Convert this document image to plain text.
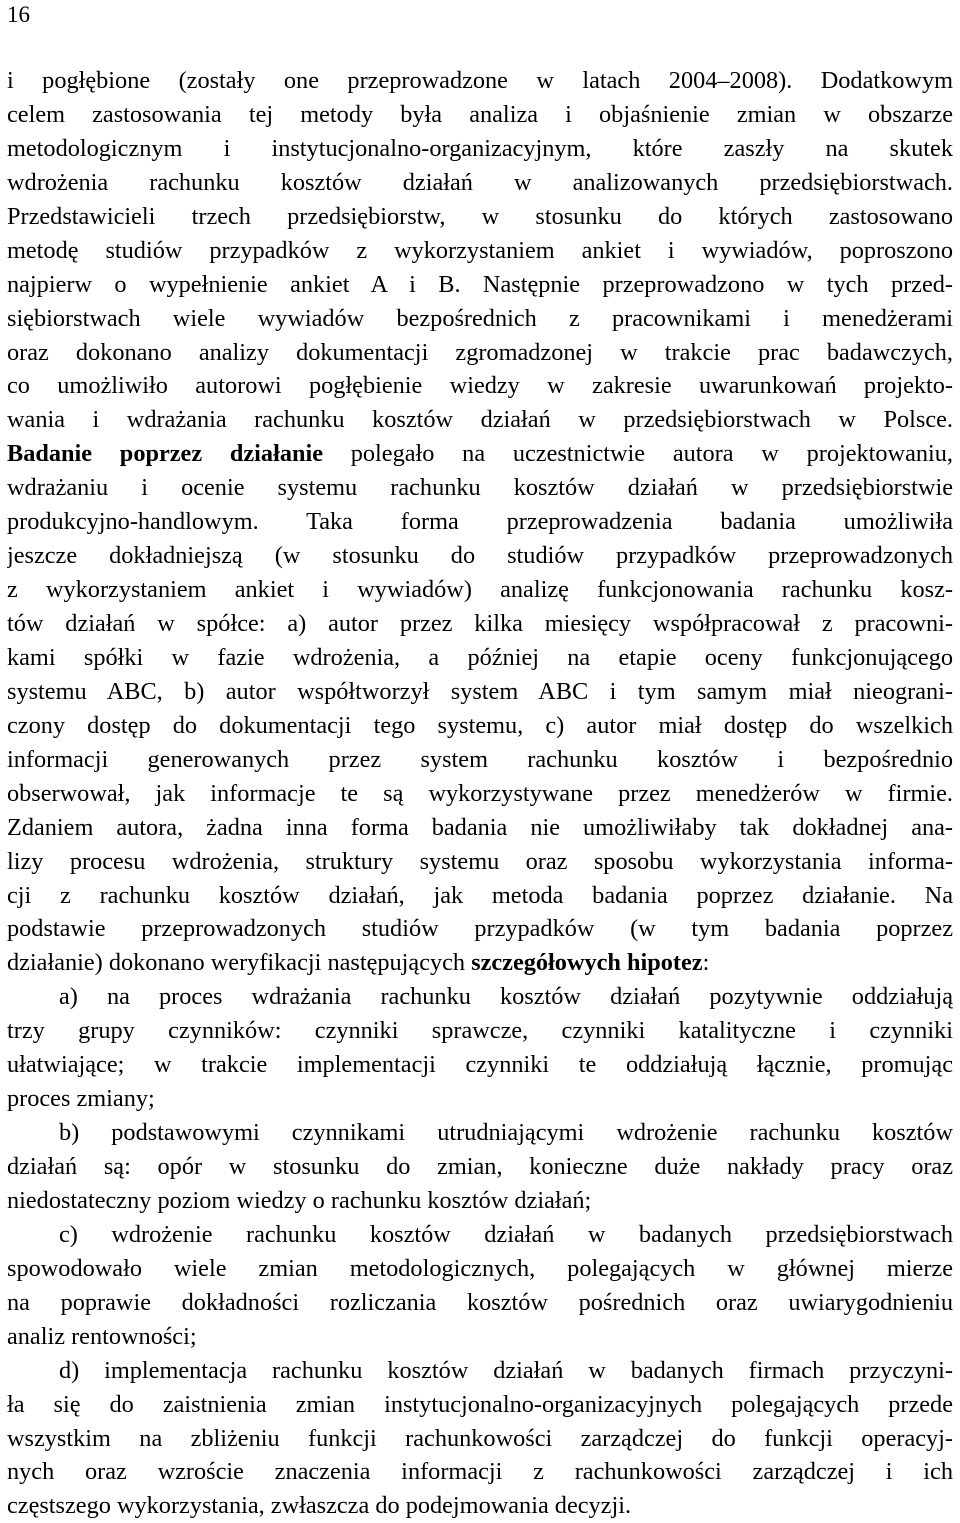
16
i pogłębione (zostały one przeprowadzone w latach 2004–2008). Dodatkowym
celem zastosowania tej metody była analiza i objaśnienie zmian w obszarze
metodologicznym i instytucjonalno-organizacyjnym, które zaszły na skutek
wdrożenia rachunku kosztów działań w analizowanych przedsiębiorstwach.
Przedstawicieli trzech przedsiębiorstw, w stosunku do których zastosowano
metodę studiów przypadków z wykorzystaniem ankiet i wywiadów, poproszono
najpierw o wypełnienie ankiet A i B. Następnie przeprowadzono w tych przed-
siębiorstwach wiele wywiadów bezpośrednich z pracownikami i menedżerami
oraz dokonano analizy dokumentacji zgromadzonej w trakcie prac badawczych,
co umożliwiło autorowi pogłębienie wiedzy w zakresie uwarunkowań projekto-
wania i wdrażania rachunku kosztów działań w przedsiębiorstwach w Polsce.
Badanie poprzez działanie polegało na uczestnictwie autora w projektowaniu,
wdrażaniu i ocenie systemu rachunku kosztów działań w przedsiębiorstwie
produkcyjno-handlowym. Taka forma przeprowadzenia badania umożliwiła
jeszcze dokładniejszą (w stosunku do studiów przypadków przeprowadzonych
z wykorzystaniem ankiet i wywiadów) analizę funkcjonowania rachunku kosz-
tów działań w spółce: a) autor przez kilka miesięcy współpracował z pracowni-
kami spółki w fazie wdrożenia, a później na etapie oceny funkcjonującego
systemu ABC, b) autor współtworzył system ABC i tym samym miał nieograni-
czony dostęp do dokumentacji tego systemu, c) autor miał dostęp do wszelkich
informacji generowanych przez system rachunku kosztów i bezpośrednio
obserwował, jak informacje te są wykorzystywane przez menedżerów w firmie.
Zdaniem autora, żadna inna forma badania nie umożliwiłaby tak dokładnej ana-
lizy procesu wdrożenia, struktury systemu oraz sposobu wykorzystania informa-
cji z rachunku kosztów działań, jak metoda badania poprzez działanie. Na
podstawie przeprowadzonych studiów przypadków (w tym badania poprzez
działanie) dokonano weryfikacji następujących szczegółowych hipotez:
a) na proces wdrażania rachunku kosztów działań pozytywnie oddziałują
trzy grupy czynników: czynniki sprawcze, czynniki katalityczne i czynniki
ułatwiające; w trakcie implementacji czynniki te oddziałują łącznie, promując
proces zmiany;
b) podstawowymi czynnikami utrudniającymi wdrożenie rachunku kosztów
działań są: opór w stosunku do zmian, konieczne duże nakłady pracy oraz
niedostateczny poziom wiedzy o rachunku kosztów działań;
c) wdrożenie rachunku kosztów działań w badanych przedsiębiorstwach
spowodowało wiele zmian metodologicznych, polegających w głównej mierze
na poprawie dokładności rozliczania kosztów pośrednich oraz uwiarygodnieniu
analiz rentowności;
d) implementacja rachunku kosztów działań w badanych firmach przyczyni-
ła się do zaistnienia zmian instytucjonalno-organizacyjnych polegających przede
wszystkim na zbliżeniu funkcji rachunkowości zarządczej do funkcji operacyj-
nych oraz wzroście znaczenia informacji z rachunkowości zarządczej i ich
częstszego wykorzystania, zwłaszcza do podejmowania decyzji.
